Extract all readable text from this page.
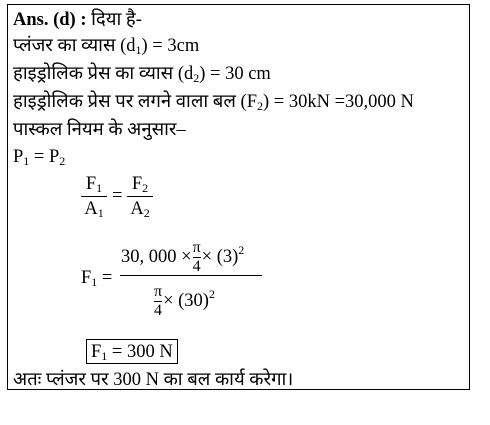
Ans. (d) : दिया है-
प्लंजर का व्यास $(d_1) = 3cm$
हाइड्रोलिक प्रेस का व्यास $(d_2) = 30$ cm
हाइड्रोलिक प्रेस पर लगने वाला बल $(F_2) = 30kN =30,000$ N
पास्कल नियम के अनुसार–
$P_1 = P_2$
$F_1$
$A_1$
=
$F_2$
$A_2$
$F_1$ =
30, $000 \times \frac{\pi}{4} \times (3)^2$
$\frac{\pi}{4} \times (30)^2$
$F_1 = 300$ N
अतः प्लंजर पर 300 N का बल कार्य करेगा।
